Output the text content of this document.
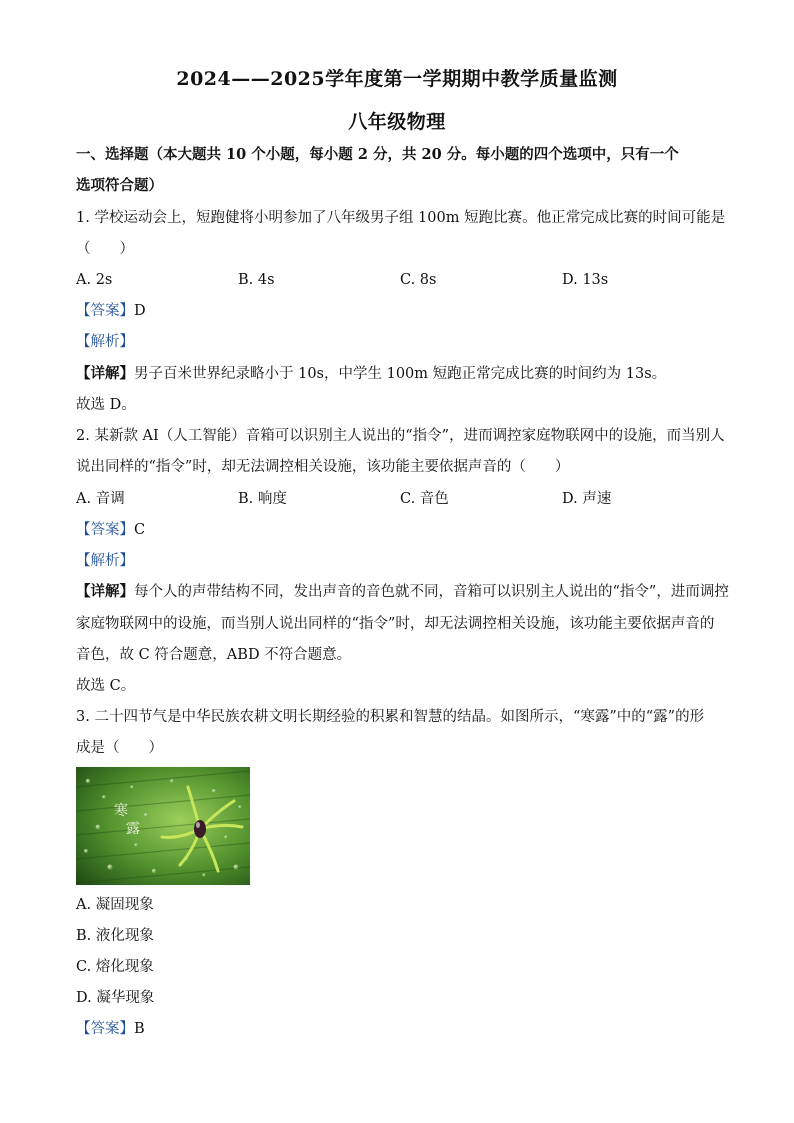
2024——2025学年度第一学期期中教学质量监测
八年级物理
一、选择题（本大题共 10 个小题，每小题 2 分，共 20 分。每小题的四个选项中，只有一个
选项符合题）
1. 学校运动会上，短跑健将小明参加了八年级男子组 100m 短跑比赛。他正常完成比赛的时间可能是
（　　）
A. 2s	B. 4s	C. 8s	D. 13s
【答案】D
【解析】
【详解】男子百米世界纪录略小于 10s，中学生 100m 短跑正常完成比赛的时间约为 13s。
故选 D。
2. 某新款 AI（人工智能）音箱可以识别主人说出的“指令”，进而调控家庭物联网中的设施，而当别人
说出同样的“指令”时，却无法调控相关设施，该功能主要依据声音的（　　）
A. 音调	B. 响度	C. 音色	D. 声速
【答案】C
【解析】
【详解】每个人的声带结构不同，发出声音的音色就不同，音箱可以识别主人说出的“指令”，进而调控
家庭物联网中的设施，而当别人说出同样的“指令”时，却无法调控相关设施，该功能主要依据声音的
音色，故 C 符合题意，ABD 不符合题意。
故选 C。
3. 二十四节气是中华民族农耕文明长期经验的积累和智慧的结晶。如图所示，“寒露”中的“露”的形
成是（　　）
寒
露
A. 凝固现象
B. 液化现象
C. 熔化现象
D. 凝华现象
【答案】B
